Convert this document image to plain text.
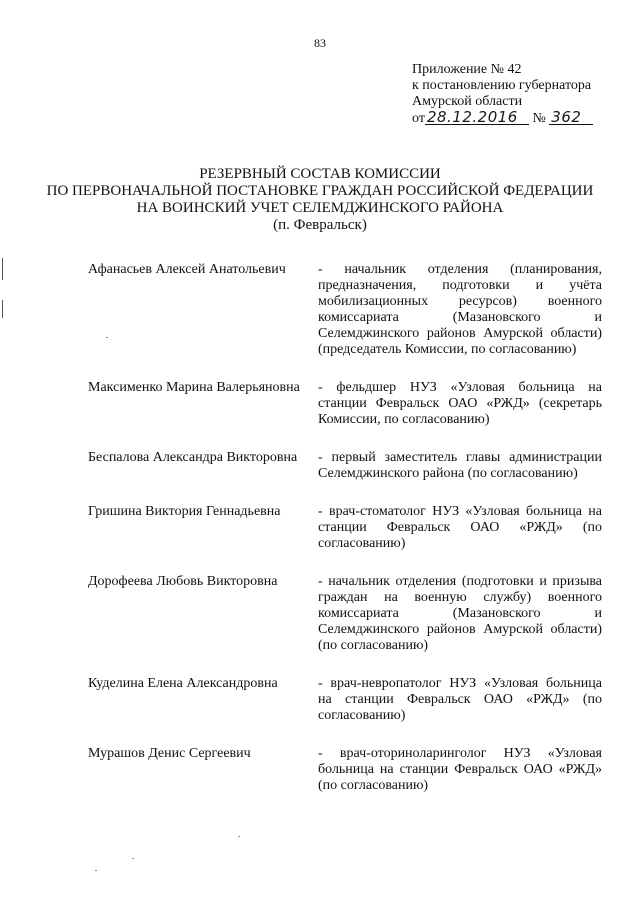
83
Приложение № 42
к постановлению губернатора
Амурской области
от 28.12.2016 № 362
РЕЗЕРВНЫЙ СОСТАВ КОМИССИИ
ПО ПЕРВОНАЧАЛЬНОЙ ПОСТАНОВКЕ ГРАЖДАН РОССИЙСКОЙ ФЕДЕРАЦИИ
НА ВОИНСКИЙ УЧЕТ СЕЛЕМДЖИНСКОГО РАЙОНА
(п. Февральск)
Афанасьев Алексей Анатольевич	- начальник отделения (планирования, предназначения, подготовки и учёта мобилизационных ресурсов) военного комиссариата (Мазановского и Селемджинского районов Амурской области) (председатель Комиссии, по согласованию)
Максименко Марина Валерьяновна	- фельдшер НУЗ «Узловая больница на станции Февральск ОАО «РЖД» (секретарь Комиссии, по согласованию)
Беспалова Александра Викторовна	- первый заместитель главы администрации Селемджинского района (по согласованию)
Гришина Виктория Геннадьевна	- врач-стоматолог НУЗ «Узловая больница на станции Февральск ОАО «РЖД» (по согласованию)
Дорофеева Любовь Викторовна	- начальник отделения (подготовки и призыва граждан на военную службу) военного комиссариата (Мазановского и Селемджинского районов Амурской области) (по согласованию)
Куделина Елена Александровна	- врач-невропатолог НУЗ «Узловая больница на станции Февральск ОАО «РЖД» (по согласованию)
Мурашов Денис Сергеевич	- врач-оториноларинголог НУЗ «Узловая больница на станции Февральск ОАО «РЖД» (по согласованию)
